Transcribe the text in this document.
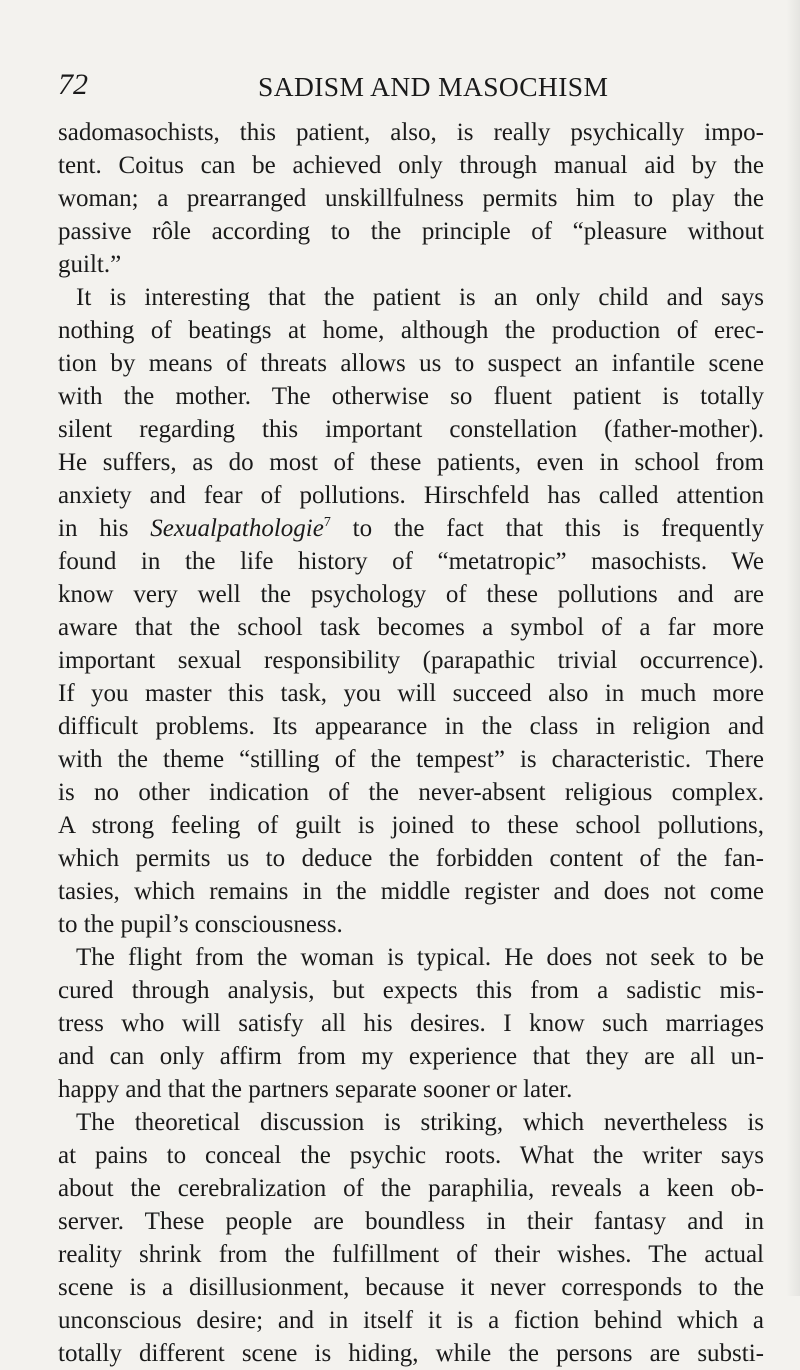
72	SADISM AND MASOCHISM
sadomasochists, this patient, also, is really psychically impo-
tent. Coitus can be achieved only through manual aid by the
woman; a prearranged unskillfulness permits him to play the
passive rôle according to the principle of “pleasure without
guilt.”
It is interesting that the patient is an only child and says
nothing of beatings at home, although the production of erec-
tion by means of threats allows us to suspect an infantile scene
with the mother. The otherwise so fluent patient is totally
silent regarding this important constellation (father-mother).
He suffers, as do most of these patients, even in school from
anxiety and fear of pollutions. Hirschfeld has called attention
in his Sexualpathologie$^7$ to the fact that this is frequently
found in the life history of “metatropic” masochists. We
know very well the psychology of these pollutions and are
aware that the school task becomes a symbol of a far more
important sexual responsibility (parapathic trivial occurrence).
If you master this task, you will succeed also in much more
difficult problems. Its appearance in the class in religion and
with the theme “stilling of the tempest” is characteristic. There
is no other indication of the never-absent religious complex.
A strong feeling of guilt is joined to these school pollutions,
which permits us to deduce the forbidden content of the fan-
tasies, which remains in the middle register and does not come
to the pupil’s consciousness.
The flight from the woman is typical. He does not seek to be
cured through analysis, but expects this from a sadistic mis-
tress who will satisfy all his desires. I know such marriages
and can only affirm from my experience that they are all un-
happy and that the partners separate sooner or later.
The theoretical discussion is striking, which nevertheless is
at pains to conceal the psychic roots. What the writer says
about the cerebralization of the paraphilia, reveals a keen ob-
server. These people are boundless in their fantasy and in
reality shrink from the fulfillment of their wishes. The actual
scene is a disillusionment, because it never corresponds to the
unconscious desire; and in itself it is a fiction behind which a
totally different scene is hiding, while the persons are substi-
